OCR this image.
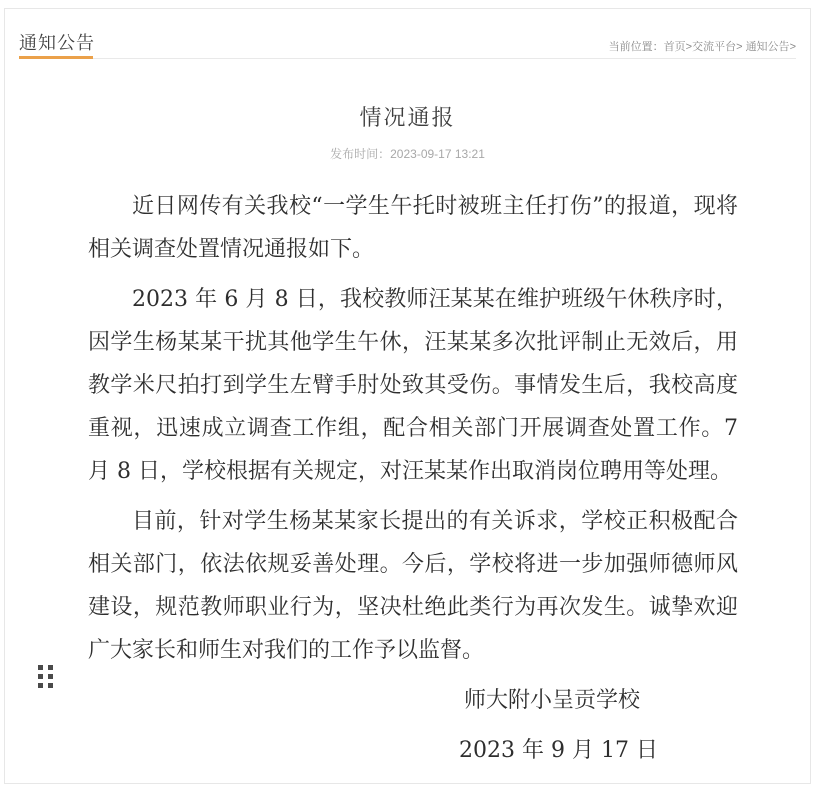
通知公告	当前位置：首页>交流平台> 通知公告>
情况通报
发布时间：2023-09-17 13:21

近日网传有关我校“一学生午托时被班主任打伤”的报道，现将相关调查处置情况通报如下。

2023 年 6 月 8 日，我校教师汪某某在维护班级午休秩序时，因学生杨某某干扰其他学生午休，汪某某多次批评制止无效后，用教学米尺拍打到学生左臂手肘处致其受伤。事情发生后，我校高度重视，迅速成立调查工作组，配合相关部门开展调查处置工作。7 月 8 日，学校根据有关规定，对汪某某作出取消岗位聘用等处理。

目前，针对学生杨某某家长提出的有关诉求，学校正积极配合相关部门，依法依规妥善处理。今后，学校将进一步加强师德师风建设，规范教师职业行为，坚决杜绝此类行为再次发生。诚挚欢迎广大家长和师生对我们的工作予以监督。

师大附小呈贡学校

2023 年 9 月 17 日
